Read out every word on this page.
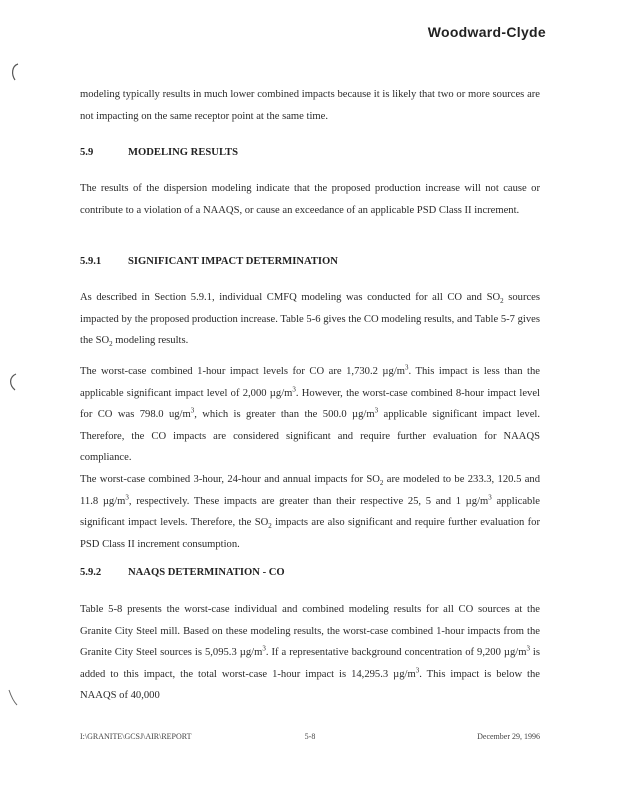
Woodward-Clyde
modeling typically results in much lower combined impacts because it is likely that two or more sources are not impacting on the same receptor point at the same time.
5.9	MODELING RESULTS
The results of the dispersion modeling indicate that the proposed production increase will not cause or contribute to a violation of a NAAQS, or cause an exceedance of an applicable PSD Class II increment.
5.9.1	SIGNIFICANT IMPACT DETERMINATION
As described in Section 5.9.1, individual CMFQ modeling was conducted for all CO and $SO_2$ sources impacted by the proposed production increase. Table 5-6 gives the CO modeling results, and Table 5-7 gives the $SO_2$ modeling results.
The worst-case combined 1-hour impact levels for CO are 1,730.2 $\mu g/m^3$. This impact is less than the applicable significant impact level of 2,000 $\mu g/m^3$. However, the worst-case combined 8-hour impact level for CO was 798.0 $ug/m^3$, which is greater than the 500.0 $\mu g/m^3$ applicable significant impact level. Therefore, the CO impacts are considered significant and require further evaluation for NAAQS compliance.
The worst-case combined 3-hour, 24-hour and annual impacts for $SO_2$ are modeled to be 233.3, 120.5 and 11.8 $\mu g/m^3$, respectively. These impacts are greater than their respective 25, 5 and 1 $\mu g/m^3$ applicable significant impact levels. Therefore, the $SO_2$ impacts are also significant and require further evaluation for PSD Class II increment consumption.
5.9.2	NAAQS DETERMINATION - CO
Table 5-8 presents the worst-case individual and combined modeling results for all CO sources at the Granite City Steel mill. Based on these modeling results, the worst-case combined 1-hour impacts from the Granite City Steel sources is 5,095.3 $\mu g/m^3$. If a representative background concentration of 9,200 $\mu g/m^3$ is added to this impact, the total worst-case 1-hour impact is 14,295.3 $\mu g/m^3$. This impact is below the NAAQS of 40,000
I:\GRANITE\GCSJ\AIR\REPORT	5-8	December 29, 1996
